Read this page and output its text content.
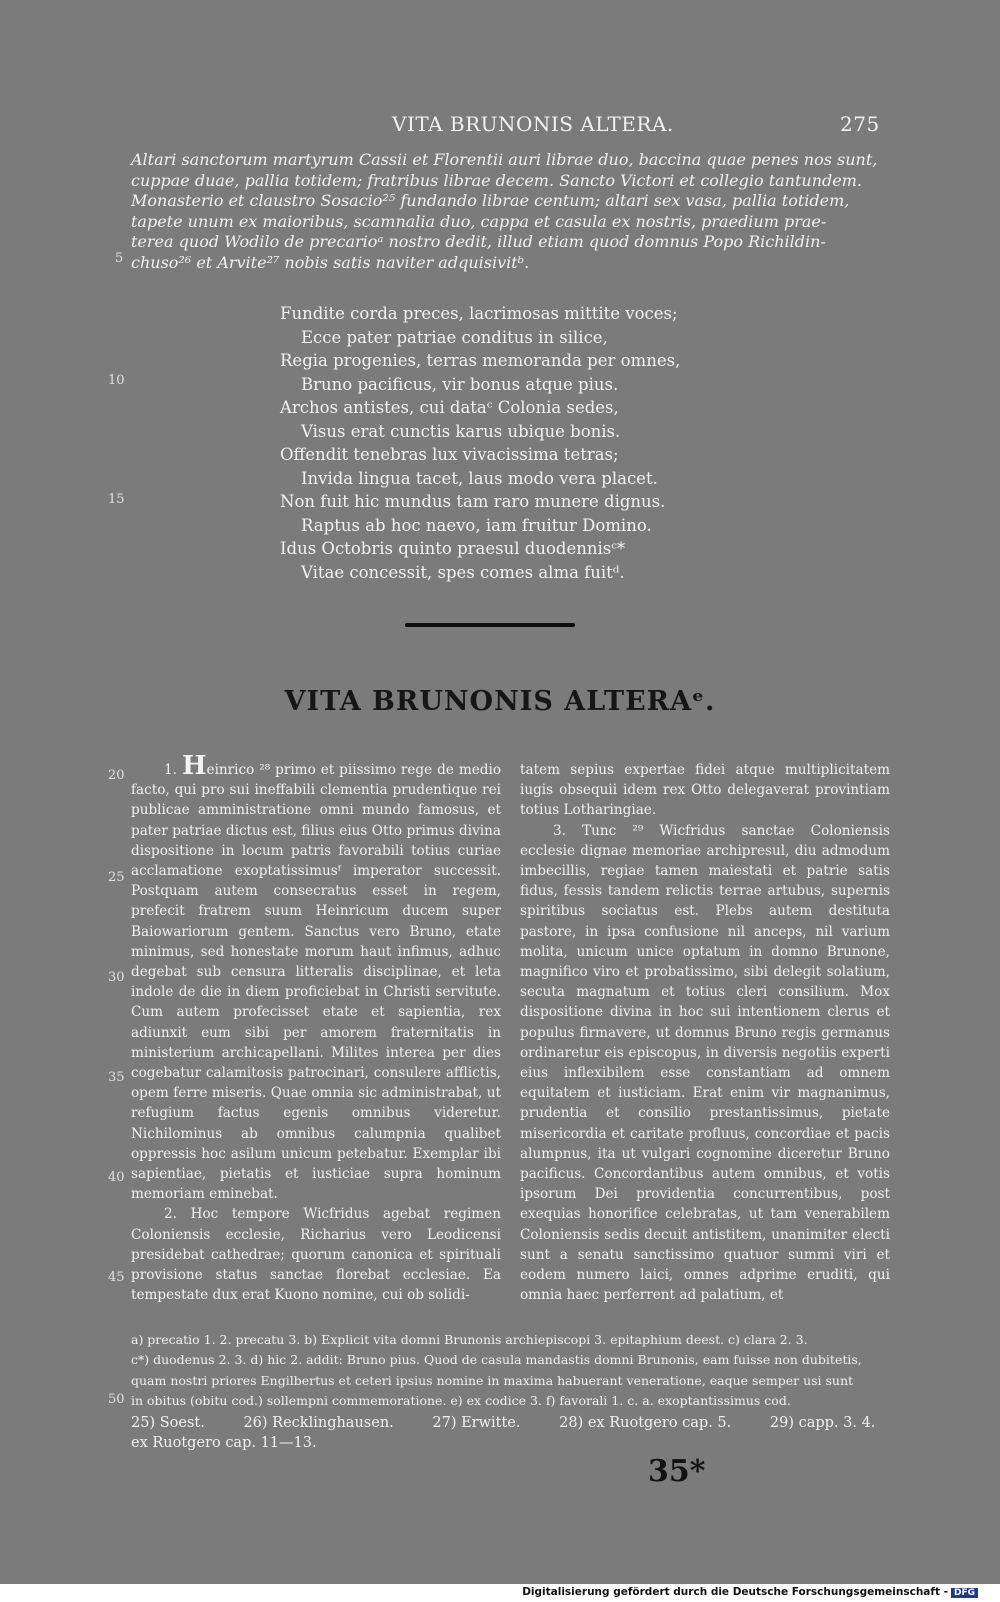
VITA BRUNONIS ALTERA.	275
Altari sanctorum martyrum Cassii et Florentii auri librae duo, baccina quae penes nos sunt,
cuppae duae, pallia totidem; fratribus librae decem. Sancto Victori et collegio tantundem.
Monasterio et claustro Sosacio²⁵ fundando librae centum; altari sex vasa, pallia totidem,
tapete unum ex maioribus, scamnalia duo, cappa et casula ex nostris, praedium prae-
terea quod Wodilo de precarioᵃ nostro dedit, illud etiam quod domnus Popo Richildin-
chuso²⁶ et Arvite²⁷ nobis satis naviter adquisivitᵇ.
5
10
15
Fundite corda preces, lacrimosas mittite voces;
Ecce pater patriae conditus in silice,
Regia progenies, terras memoranda per omnes,
Bruno pacificus, vir bonus atque pius.
Archos antistes, cui dataᶜ Colonia sedes,
Visus erat cunctis karus ubique bonis.
Offendit tenebras lux vivacissima tetras;
Invida lingua tacet, laus modo vera placet.
Non fuit hic mundus tam raro munere dignus.
Raptus ab hoc naevo, iam fruitur Domino.
Idus Octobris quinto praesul duodennisᶜ*
Vitae concessit, spes comes alma fuitᵈ.
VITA BRUNONIS ALTERAᵉ.
20
25
30
35
40
45
50

1. Heinrico ²⁸ primo et piissimo rege de medio facto, qui pro sui ineffabili clementia prudentique rei publicae amministratione omni mundo famosus, et pater patriae dictus est, filius eius Otto primus divina dispositione in locum patris favorabili totius curiae acclamatione exoptatissimusᶠ imperator successit. Postquam autem consecratus esset in regem, prefecit fratrem suum Heinricum ducem super Baiowariorum gentem. Sanctus vero Bruno, etate minimus, sed honestate morum haut infimus, adhuc degebat sub censura litteralis disciplinae, et leta indole de die in diem proficiebat in Christi servitute. Cum autem profecisset etate et sapientia, rex adiunxit eum sibi per amorem fraternitatis in ministerium archicapellani. Milites interea per dies cogebatur calamitosis patrocinari, consulere afflictis, opem ferre miseris. Quae omnia sic administrabat, ut refugium factus egenis omnibus videretur. Nichilominus ab omnibus calumpnia qualibet oppressis hoc asilum unicum petebatur. Exemplar ibi sapientiae, pietatis et iusticiae supra hominum memoriam eminebat.

2. Hoc tempore Wicfridus agebat regimen Coloniensis ecclesie, Richarius vero Leodicensi presidebat cathedrae; quorum canonica et spirituali provisione status sanctae florebat ecclesiae. Ea tempestate dux erat Kuono nomine, cui ob solidi-

tatem sepius expertae fidei atque multiplicitatem iugis obsequii idem rex Otto delegaverat provintiam totius Lotharingiae.

3. Tunc ²⁹ Wicfridus sanctae Coloniensis ecclesie dignae memoriae archipresul, diu admodum imbecillis, regiae tamen maiestati et patrie satis fidus, fessis tandem relictis terrae artubus, supernis spiritibus sociatus est. Plebs autem destituta pastore, in ipsa confusione nil anceps, nil varium molita, unicum unice optatum in domno Brunone, magnifico viro et probatissimo, sibi delegit solatium, secuta magnatum et totius cleri consilium. Mox dispositione divina in hoc sui intentionem clerus et populus firmavere, ut domnus Bruno regis germanus ordinaretur eis episcopus, in diversis negotiis experti eius inflexibilem esse constantiam ad omnem equitatem et iusticiam. Erat enim vir magnanimus, prudentia et consilio prestantissimus, pietate misericordia et caritate profluus, concordiae et pacis alumpnus, ita ut vulgari cognomine diceretur Bruno pacificus. Concordantibus autem omnibus, et votis ipsorum Dei providentia concurrentibus, post exequias honorifice celebratas, ut tam venerabilem Coloniensis sedis decuit antistitem, unanimiter electi sunt a senatu sanctissimo quatuor summi viri et eodem numero laici, omnes adprime eruditi, qui omnia haec perferrent ad palatium, et

a) precatio 1. 2. precatu 3. b) Explicit vita domni Brunonis archiepiscopi 3. epitaphium deest. c) clara 2. 3.
c*) duodenus 2. 3. d) hic 2. addit: Bruno pius. Quod de casula mandastis domni Brunonis, eam fuisse non dubitetis,
quam nostri priores Engilbertus et ceteri ipsius nomine in maxima habuerant veneratione, eaque semper usi sunt
in obitus (obitu cod.) sollempni commemoratione. e) ex codice 3. f) favorali 1. c. a. exoptantissimus cod.
25) Soest.	26) Recklinghausen.	27) Erwitte.	28) ex Ruotgero cap. 5.	29) capp. 3. 4.
ex Ruotgero cap. 11—13.
35*
Digitalisierung gefördert durch die Deutsche Forschungsgemeinschaft - DFG
